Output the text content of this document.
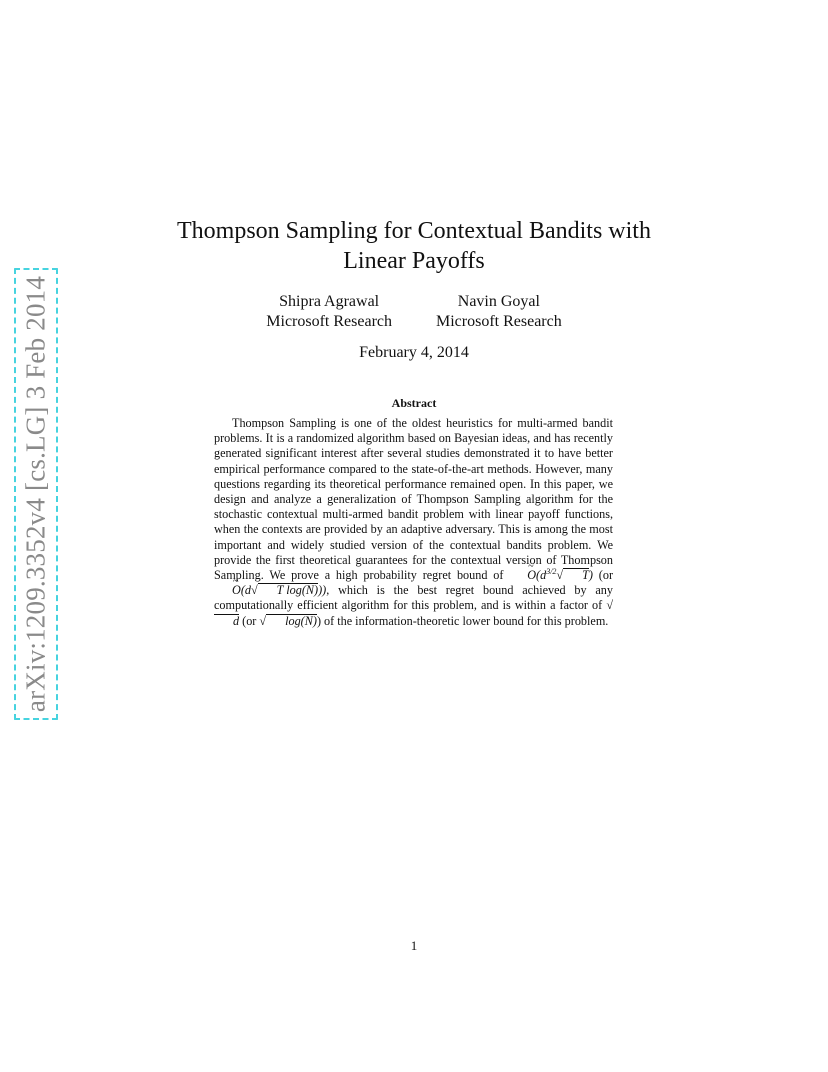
arXiv:1209.3352v4 [cs.LG] 3 Feb 2014
Thompson Sampling for Contextual Bandits with
Linear Payoffs
Shipra Agrawal
Microsoft Research
Navin Goyal
Microsoft Research
February 4, 2014
Abstract

Thompson Sampling is one of the oldest heuristics for multi-armed bandit problems. It is a randomized algorithm based on Bayesian ideas, and has recently generated significant interest after several studies demonstrated it to have better empirical performance compared to the state-of-the-art methods. However, many questions regarding its theoretical performance remained open. In this paper, we design and analyze a generalization of Thompson Sampling algorithm for the stochastic contextual multi-armed bandit problem with linear payoff functions, when the contexts are provided by an adaptive adversary. This is among the most important and widely studied version of the contextual bandits problem. We provide the first theoretical guarantees for the contextual version of Thompson Sampling. We prove a high probability regret bound of O $\sim(d^{3/2}√$ T) (or O ~(d√ T log(N))), which is the best regret bound achieved by any computationally efficient algorithm for this problem, and is within a factor of √d (or √ log(N)) of the information-theoretic lower bound for this problem.

1
